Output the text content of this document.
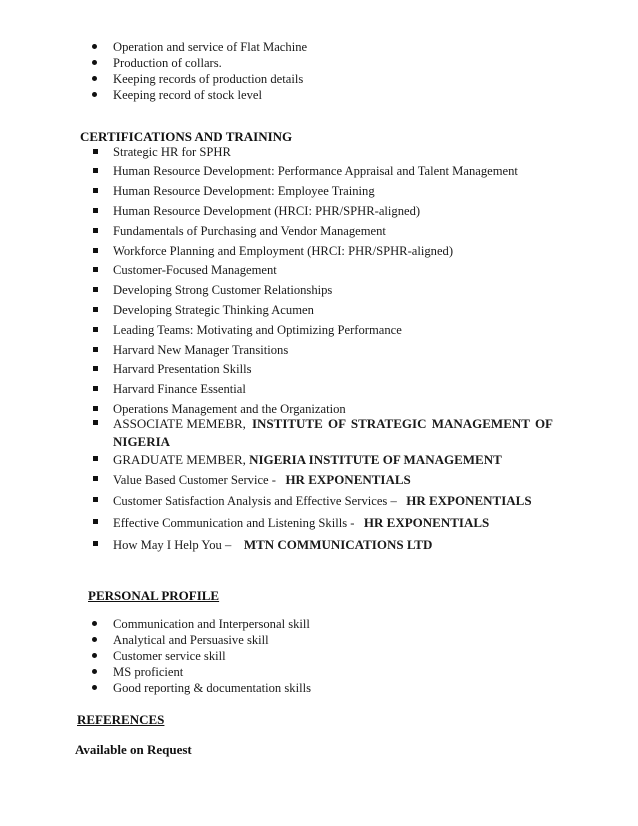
Operation and service of Flat Machine
Production of collars.
Keeping records of production details
Keeping record of stock level
CERTIFICATIONS AND TRAINING
Strategic HR for SPHR
Human Resource Development: Performance Appraisal and Talent Management
Human Resource Development: Employee Training
Human Resource Development (HRCI: PHR/SPHR-aligned)
Fundamentals of Purchasing and Vendor Management
Workforce Planning and Employment (HRCI: PHR/SPHR-aligned)
Customer-Focused Management
Developing Strong Customer Relationships
Developing Strategic Thinking Acumen
Leading Teams: Motivating and Optimizing Performance
Harvard New Manager Transitions
Harvard Presentation Skills
Harvard Finance Essential
Operations Management and the Organization
ASSOCIATE MEMEBR, INSTITUTE OF STRATEGIC MANAGEMENT OF
NIGERIA
GRADUATE MEMBER, NIGERIA INSTITUTE OF MANAGEMENT
Value Based Customer Service - HR EXPONENTIALS
Customer Satisfaction Analysis and Effective Services – HR EXPONENTIALS
Effective Communication and Listening Skills - HR EXPONENTIALS
How May I Help You – MTN COMMUNICATIONS LTD
PERSONAL PROFILE
Communication and Interpersonal skill
Analytical and Persuasive skill
Customer service skill
MS proficient
Good reporting & documentation skills
REFERENCES
Available on Request
